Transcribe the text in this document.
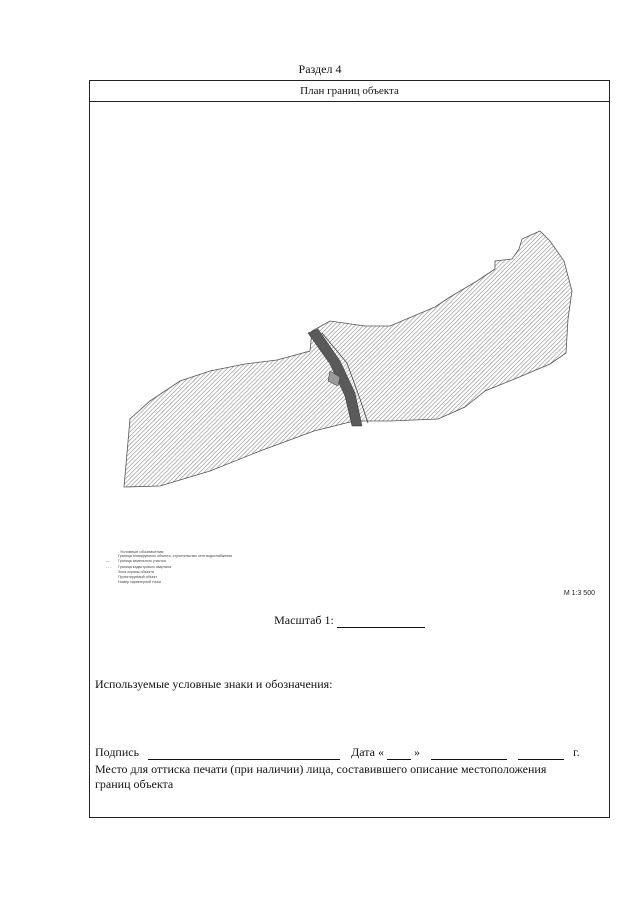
Раздел 4
План границ объекта
Условные обозначения:
Граница планируемого объекта, строительство сети водоснабжения
— Граница земельного участка
- - - Граница кадастрового квартала
Зона охраны объекта
Проектируемый объект
Номер характерной точки
М 1:3 500
Масштаб 1:
Используемые условные знаки и обозначения:
Подпись	Дата «	»	г.
Место для оттиска печати (при наличии) лица, составившего описание местоположения границ объекта
